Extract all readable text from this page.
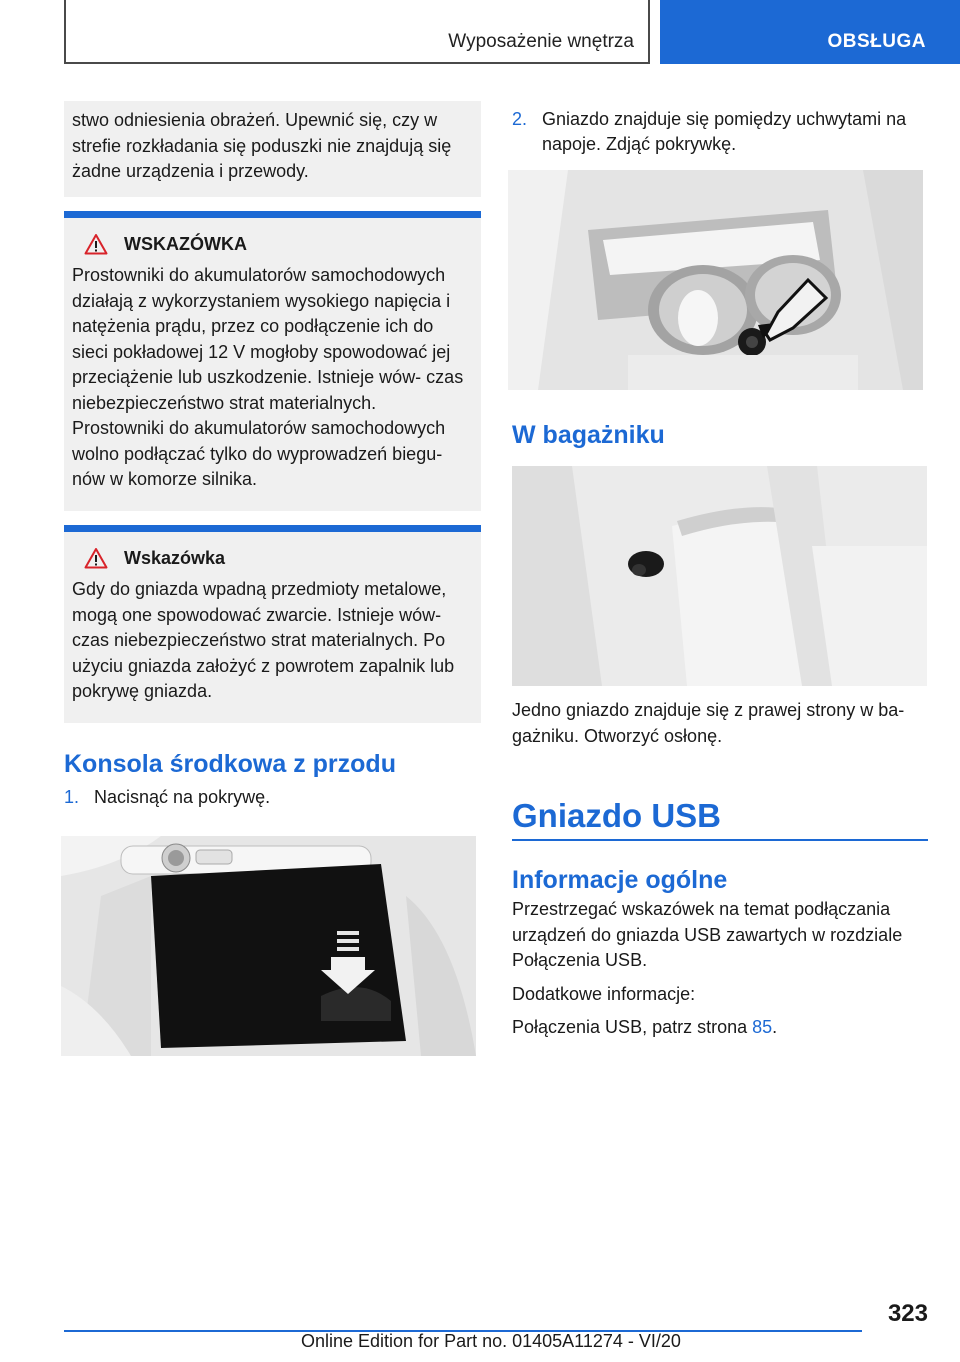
Wyposażenie wnętrza	OBSŁUGA

stwo odniesienia obrażeń. Upewnić się, czy w strefie rozkładania się poduszki nie znajdują się żadne urządzenia i przewody.

WSKAZÓWKA

Prostowniki do akumulatorów samochodowych działają z wykorzystaniem wysokiego napięcia i natężenia prądu, przez co podłączenie ich do sieci pokładowej 12 V mogłoby spowodować jej przeciążenie lub uszkodzenie. Istnieje wów‐ czas niebezpieczeństwo strat materialnych. Prostowniki do akumulatorów samochodowych wolno podłączać tylko do wyprowadzeń biegu‐ nów w komorze silnika.

Wskazówka

Gdy do gniazda wpadną przedmioty metalowe, mogą one spowodować zwarcie. Istnieje wów‐ czas niebezpieczeństwo strat materialnych. Po użyciu gniazda założyć z powrotem zapalnik lub pokrywę gniazda.

Konsola środkowa z przodu
1. Nacisnąć na pokrywę.
2. Gniazdo znajduje się pomiędzy uchwytami na napoje. Zdjąć pokrywkę.
W bagażniku

Jedno gniazdo znajduje się z prawej strony w ba‐ gażniku. Otworzyć osłonę.

Gniazdo USB
Informacje ogólne

Przestrzegać wskazówek na temat podłączania urządzeń do gniazda USB zawartych w rozdziale Połączenia USB.

Dodatkowe informacje:

Połączenia USB, patrz strona 85.

323
Online Edition for Part no. 01405A11274 - VI/20
